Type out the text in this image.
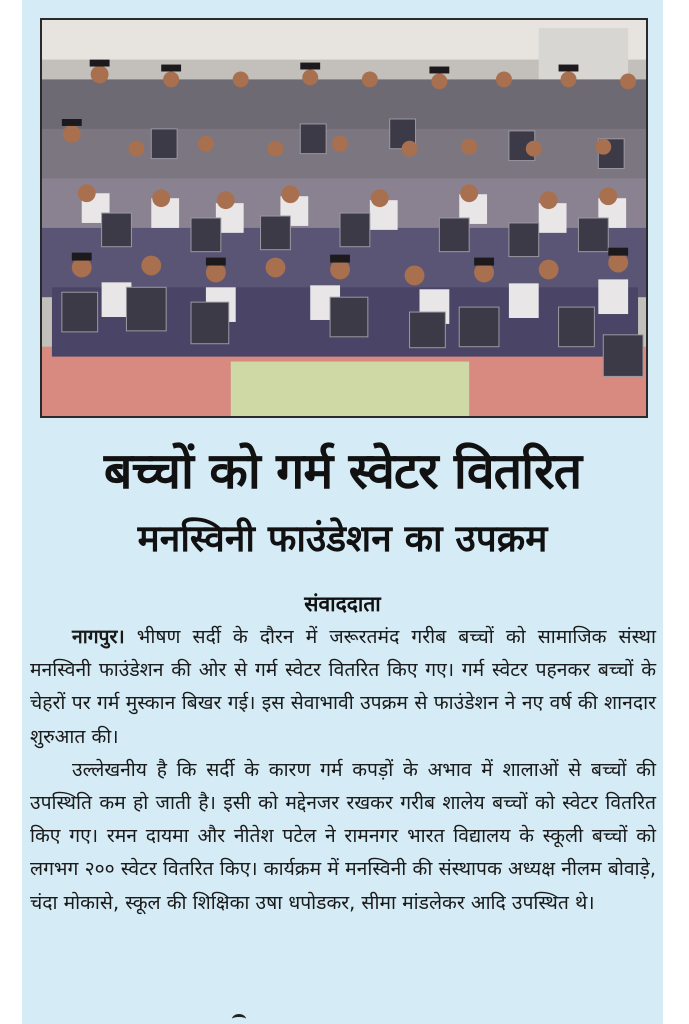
बच्चों को गर्म स्वेटर वितरित
मनस्विनी फाउंडेशन का उपक्रम
संवाददाता

नागपुर। भीषण सर्दी के दौरन में जरूरतमंद गरीब बच्चों को सामाजिक संस्था मनस्विनी फाउंडेशन की ओर से गर्म स्वेटर वितरित किए गए। गर्म स्वेटर पहनकर बच्चों के चेहरों पर गर्म मुस्कान बिखर गई। इस सेवाभावी उपक्रम से फाउंडेशन ने नए वर्ष की शानदार शुरुआत की।

उल्लेखनीय है कि सर्दी के कारण गर्म कपड़ों के अभाव में शालाओं से बच्चों की उपस्थिति कम हो जाती है। इसी को मद्देनजर रखकर गरीब शालेय बच्चों को स्वेटर वितरित किए गए। रमन दायमा और नीतेश पटेल ने रामनगर भारत विद्यालय के स्कूली बच्चों को लगभग २०० स्वेटर वितरित किए। कार्यक्रम में मनस्विनी की संस्थापक अध्यक्ष नीलम बोवाड़े, चंदा मोकासे, स्कूल की शिक्षिका उषा धपोडकर, सीमा मांडलेकर आदि उपस्थित थे।
